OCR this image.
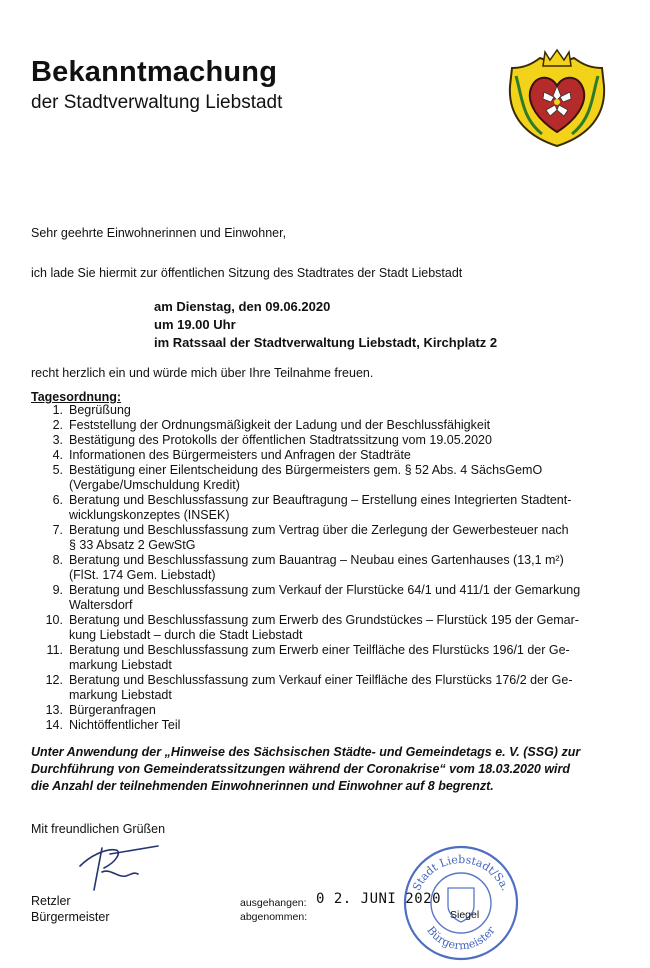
Bekanntmachung
der Stadtverwaltung Liebstadt
Sehr geehrte Einwohnerinnen und Einwohner,
ich lade Sie hiermit zur öffentlichen Sitzung des Stadtrates der Stadt Liebstadt
am Dienstag, den 09.06.2020
um 19.00 Uhr
im Ratssaal der Stadtverwaltung Liebstadt, Kirchplatz 2
recht herzlich ein und würde mich über Ihre Teilnahme freuen.
Tagesordnung:
1. Begrüßung
2. Feststellung der Ordnungsmäßigkeit der Ladung und der Beschlussfähigkeit
3. Bestätigung des Protokolls der öffentlichen Stadtratssitzung vom 19.05.2020
4. Informationen des Bürgermeisters und Anfragen der Stadträte
5. Bestätigung einer Eilentscheidung des Bürgermeisters gem. § 52 Abs. 4 SächsGemO
(Vergabe/Umschuldung Kredit)
6. Beratung und Beschlussfassung zur Beauftragung – Erstellung eines Integrierten Stadtent-
wicklungskonzeptes (INSEK)
7. Beratung und Beschlussfassung zum Vertrag über die Zerlegung der Gewerbesteuer nach
§ 33 Absatz 2 GewStG
8. Beratung und Beschlussfassung zum Bauantrag – Neubau eines Gartenhauses (13,1 m²)
(FlSt. 174 Gem. Liebstadt)
9. Beratung und Beschlussfassung zum Verkauf der Flurstücke 64/1 und 411/1 der Gemarkung
Waltersdorf
10. Beratung und Beschlussfassung zum Erwerb des Grundstückes – Flurstück 195 der Gemar-
kung Liebstadt – durch die Stadt Liebstadt
11. Beratung und Beschlussfassung zum Erwerb einer Teilfläche des Flurstücks 196/1 der Ge-
markung Liebstadt
12. Beratung und Beschlussfassung zum Verkauf einer Teilfläche des Flurstücks 176/2 der Ge-
markung Liebstadt
13. Bürgeranfragen
14. Nichtöffentlicher Teil
Unter Anwendung der „Hinweise des Sächsischen Städte- und Gemeindetags e. V. (SSG) zur
Durchführung von Gemeinderatssitzungen während der Coronakrise“ vom 18.03.2020 wird
die Anzahl der teilnehmenden Einwohnerinnen und Einwohner auf 8 begrenzt.
Mit freundlichen Grüßen
Retzler
Bürgermeister
ausgehangen:
abgenommen:
0 2. JUNI 2020
Stadt Liebstadt/Sa.
Bürgermeister
Siegel
